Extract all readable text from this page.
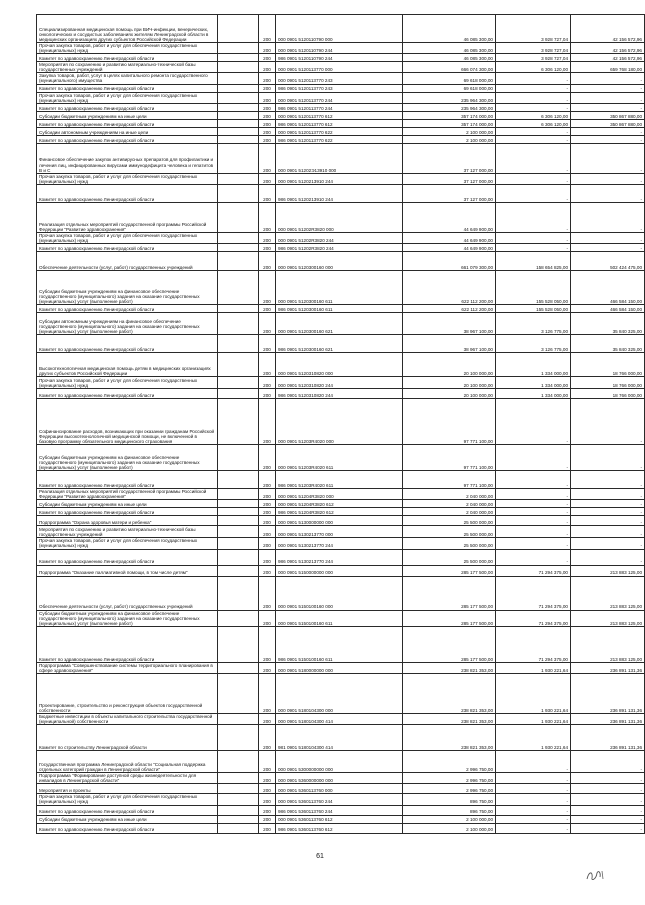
Специализированная медицинская помощь при ВИЧ-инфекции, венерических, онкологических и сосудистых заболеваниях жителям Ленинградской области в медицинских организациях других субъектов Российской Федерации		200	000 0901 5120110790 000	46 085 300,00	3 928 727,04	42 156 572,96
Прочая закупка товаров, работ и услуг для обеспечения государственных (муниципальных) нужд		200	000 0901 5120110790 244	46 085 300,00	3 928 727,04	42 156 572,96
Комитет по здравоохранению Ленинградской области		200	986 0901 5120110790 244	46 085 300,00	3 928 727,04	42 156 572,96
Мероприятия по сохранению и развитию материально-технической базы государственных учреждений		200	000 0901 5120113770 000	666 074 300,00	6 306 120,00	659 768 180,00
Закупка товаров, работ, услуг в целях капитального ремонта государственного (муниципального) имущества		200	000 0901 5120113770 243	69 618 000,00	-	-
Комитет по здравоохранению Ленинградской области		200	986 0901 5120113770 243	69 618 000,00	-	-
Прочая закупка товаров, работ и услуг для обеспечения государственных (муниципальных) нужд		200	000 0901 5120113770 244	235 964 300,00	-	-
Комитет по здравоохранению Ленинградской области		200	986 0901 5120113770 244	235 964 300,00	-	-
Субсидии бюджетным учреждениям на иные цели		200	000 0901 5120113770 612	357 174 000,00	6 306 120,00	350 867 880,00
Комитет по здравоохранению Ленинградской области		200	986 0901 5120113770 612	357 174 000,00	6 306 120,00	350 867 880,00
Субсидии автономным учреждениям на иные цели		200	000 0901 5120113770 622	2 100 000,00	-	-
Комитет по здравоохранению Ленинградской области		200	986 0901 5120113770 622	2 100 000,00	-	-
Финансовое обеспечение закупок антивирусных препаратов для профилактики и лечения лиц, инфицированных вирусами иммунодефицита человека и гепатитов B и C		200	000 0901 51202Э13910 000	37 127 000,00	-	-
Прочая закупка товаров, работ и услуг для обеспечения государственных (муниципальных) нужд		200	000 0901 5120213910 244	37 127 000,00	-	-
Комитет по здравоохранению Ленинградской области		200	986 0901 5120213910 244	37 127 000,00	-	-
Реализация отдельных мероприятий государственной программы Российской Федерации "Развитие здравоохранения"		200	000 0901 51202R3820 000	44 649 900,00	-	-
Прочая закупка товаров, работ и услуг для обеспечения государственных (муниципальных) нужд		200	000 0901 51202R3820 244	44 649 900,00	-	-
Комитет по здравоохранению Ленинградской области		200	986 0901 51202R3820 244	44 649 900,00	-	-
Обеспечение деятельности (услуг, работ) государственных учреждений		200	000 0901 5120300160 000	661 079 300,00	158 654 825,00	502 424 475,00
Субсидии бюджетным учреждениям на финансовое обеспечение государственного (муниципального) задания на оказание государственных (муниципальных) услуг (выполнение работ)		200	000 0901 5120300160 611	622 112 200,00	155 528 050,00	466 584 150,00
Комитет по здравоохранению Ленинградской области		200	986 0901 5120300160 611	622 112 200,00	155 528 050,00	466 584 150,00
Субсидии автономным учреждениям на финансовое обеспечение государственного (муниципального) задания на оказание государственных (муниципальных) услуг (выполнение работ)		200	000 0901 5120300160 621	38 967 100,00	3 126 775,00	35 840 325,00
Комитет по здравоохранению Ленинградской области		200	986 0901 5120300160 621	38 967 100,00	3 126 775,00	35 840 325,00
Высокотехнологичная медицинская помощь детям в медицинских организациях других субъектов Российской Федерации		200	000 0901 5120310820 000	20 100 000,00	1 334 000,00	18 766 000,00
Прочая закупка товаров, работ и услуг для обеспечения государственных (муниципальных) нужд		200	000 0901 5120310820 244	20 100 000,00	1 334 000,00	18 766 000,00
Комитет по здравоохранению Ленинградской области		200	986 0901 5120310820 244	20 100 000,00	1 334 000,00	18 766 000,00
Софинансирование расходов, возникающих при оказании гражданам Российской Федерации высокотехнологичной медицинской помощи, не включенной в базовую программу обязательного медицинского страхования		200	000 0901 51203R4020 000	97 771 100,00	-	-
Субсидии бюджетным учреждениям на финансовое обеспечение государственного (муниципального) задания на оказание государственных (муниципальных) услуг (выполнение работ)		200	000 0901 51203R4020 611	97 771 100,00	-	-
Комитет по здравоохранению Ленинградской области		200	986 0901 51203R4020 611	97 771 100,00	-	-
Реализация отдельных мероприятий государственной программы Российской Федерации "Развитие здравоохранения"		200	000 0901 51204R3820 000	2 040 000,00	-	-
Субсидии бюджетным учреждениям на иные цели		200	000 0901 51204R3820 612	2 040 000,00	-	-
Комитет по здравоохранению Ленинградской области		200	986 0901 51204R3820 612	2 040 000,00	-	-
Подпрограмма "Охрана здоровья матери и ребенка"		200	000 0901 5130000000 000	25 500 000,00	-	-
Мероприятия по сохранению и развитию материально-технической базы государственных учреждений		200	000 0901 5130213770 000	25 500 000,00	-	-
Прочая закупка товаров, работ и услуг для обеспечения государственных (муниципальных) нужд		200	000 0901 5130213770 244	25 500 000,00	-	-
Комитет по здравоохранению Ленинградской области		200	986 0901 5130213770 244	25 500 000,00	-	-
Подпрограмма "Оказание паллиативной помощи, в том числе детям"		200	000 0901 5150000000 000	285 177 500,00	71 294 375,00	213 883 125,00
Обеспечение деятельности (услуг, работ) государственных учреждений		200	000 0901 5150100160 000	285 177 500,00	71 294 375,00	213 883 125,00
Субсидии бюджетным учреждениям на финансовое обеспечение государственного (муниципального) задания на оказание государственных (муниципальных) услуг (выполнение работ)		200	000 0901 5150100160 611	285 177 500,00	71 294 375,00	213 883 125,00
Комитет по здравоохранению Ленинградской области		200	986 0901 5150100160 611	285 177 500,00	71 294 375,00	213 883 125,00
Подпрограмма "Совершенствование системы территориального планирования в сфере здравоохранения"		200	000 0901 5180000000 000	238 821 353,00	1 930 221,64	236 891 131,36
Проектирование, строительство и реконструкция объектов государственной собственности		200	000 0901 5180104300 000	238 821 353,00	1 930 221,64	236 891 131,36
Бюджетные инвестиции в объекты капитального строительства государственной (муниципальной) собственности		200	000 0901 5180104300 414	238 821 353,00	1 930 221,64	236 891 131,36
Комитет по строительству Ленинградской области		200	981 0901 5180104300 414	238 821 353,00	1 930 221,64	236 891 131,36
Государственная программа Ленинградской области "Социальная поддержка отдельных категорий граждан в Ленинградской области"		200	000 0901 5300000000 000	2 996 750,00	-	-
Подпрограмма "Формирование доступной среды жизнедеятельности для инвалидов в Ленинградской области"		200	000 0901 5360000000 000	2 996 750,00	-	-
Мероприятия и проекты		200	000 0901 5360113760 000	2 996 750,00	-	-
Прочая закупка товаров, работ и услуг для обеспечения государственных (муниципальных) нужд		200	000 0901 5360113760 244	896 750,00	-	-
Комитет по здравоохранению Ленинградской области		200	986 0901 5360113760 244	896 750,00	-	-
Субсидии бюджетным учреждениям на иные цели		200	000 0901 5360113760 612	2 100 000,00	-	-
Комитет по здравоохранению Ленинградской области		200	986 0901 5360113760 612	2 100 000,00	-	-
61
